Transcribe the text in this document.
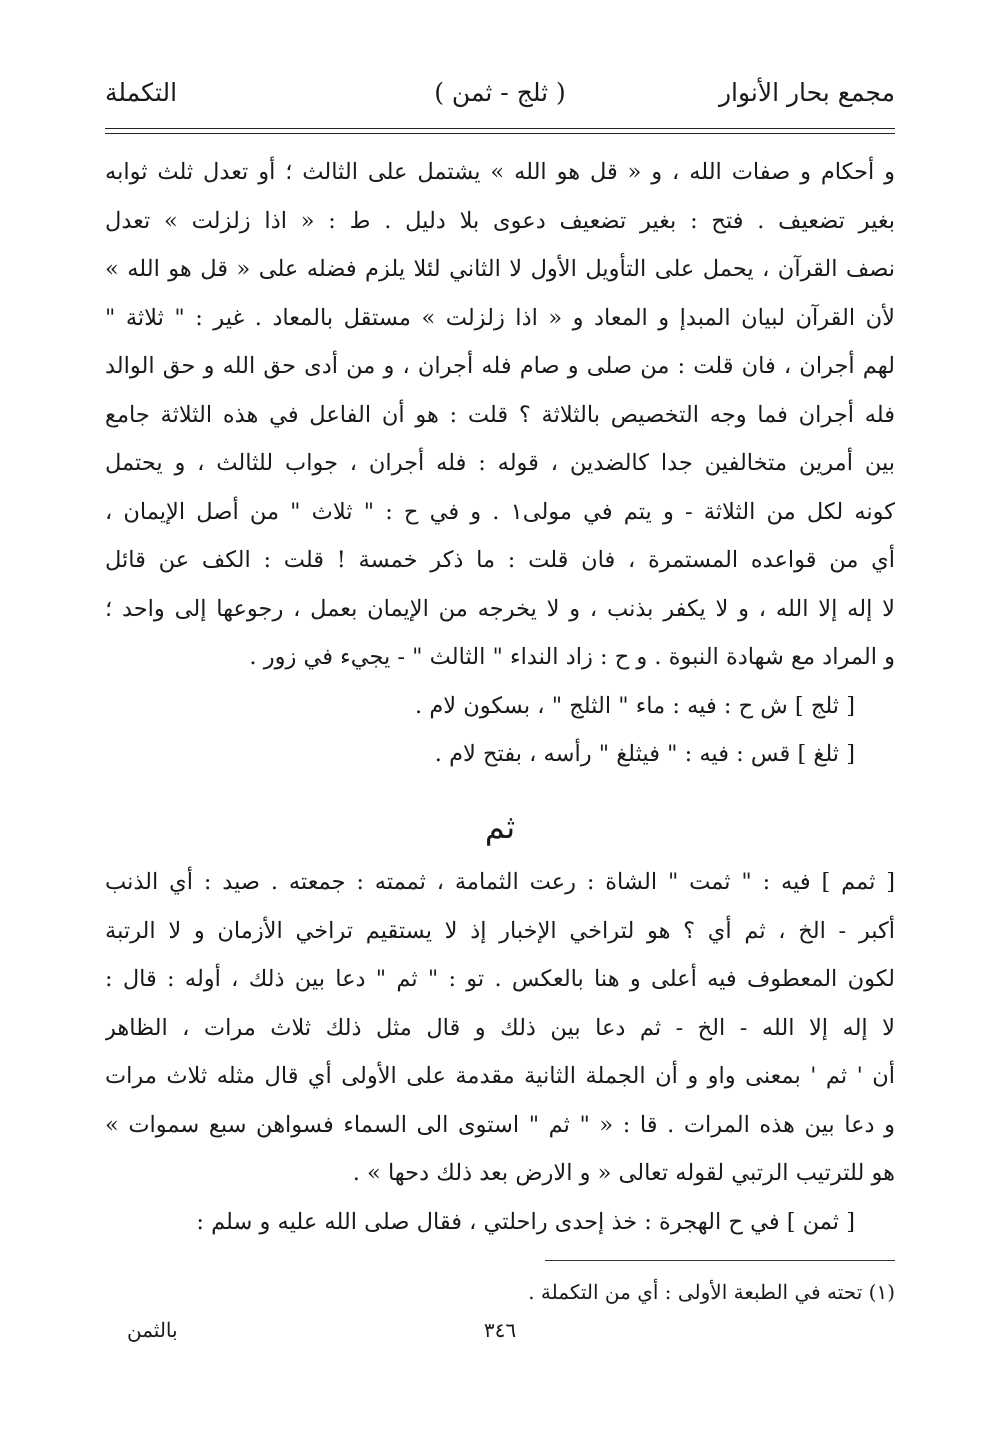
مجمع بحار الأنوار
( ثلج - ثمن )
التكملة
و أحكام و صفات الله ، و « قل هو الله » يشتمل على الثالث ؛ أو تعدل ثلث ثوابه
بغير تضعيف . فتح : بغير تضعيف دعوى بلا دليل . ط : « اذا زلزلت » تعدل
نصف القرآن ، يحمل على التأويل الأول لا الثاني لئلا يلزم فضله على « قل هو الله »
لأن القرآن لبيان المبدإ و المعاد و « اذا زلزلت » مستقل بالمعاد . غير : " ثلاثة "
لهم أجران ، فان قلت : من صلى و صام فله أجران ، و من أدى حق الله و حق الوالد
فله أجران فما وجه التخصيص بالثلاثة ؟ قلت : هو أن الفاعل في هذه الثلاثة جامع
بين أمرين متخالفين جدا كالضدين ، قوله : فله أجران ، جواب للثالث ، و يحتمل
كونه لكل من الثلاثة - و يتم في مولى١ . و في ح : " ثلاث " من أصل الإيمان ،
أي من قواعده المستمرة ، فان قلت : ما ذكر خمسة ! قلت : الكف عن قائل
لا إله إلا الله ، و لا يكفر بذنب ، و لا يخرجه من الإيمان بعمل ، رجوعها إلى واحد ؛
و المراد مع شهادة النبوة . و ح : زاد النداء " الثالث " - يجيء في زور .
[ ثلج ] ش ح : فيه : ماء " الثلج " ، بسكون لام .
[ ثلغ ] قس : فيه : " فيثلغ " رأسه ، بفتح لام .
ثم
[ ثمم ] فيه : " ثمت " الشاة : رعت الثمامة ، ثممته : جمعته . صيد : أي الذنب
أكبر - الخ ، ثم أي ؟ هو لتراخي الإخبار إذ لا يستقيم تراخي الأزمان و لا الرتبة
لكون المعطوف فيه أعلى و هنا بالعكس . تو : " ثم " دعا بين ذلك ، أوله : قال :
لا إله إلا الله - الخ - ثم دعا بين ذلك و قال مثل ذلك ثلاث مرات ، الظاهر
أن ' ثم ' بمعنى واو و أن الجملة الثانية مقدمة على الأولى أي قال مثله ثلاث مرات
و دعا بين هذه المرات . قا : « " ثم " استوى الى السماء فسواهن سبع سموات »
هو للترتيب الرتبي لقوله تعالى « و الارض بعد ذلك دحها » .
[ ثمن ] في ح الهجرة : خذ إحدى راحلتي ، فقال صلى الله عليه و سلم :
(١) تحته في الطبعة الأولى : أي من التكملة .
٣٤٦
بالثمن
